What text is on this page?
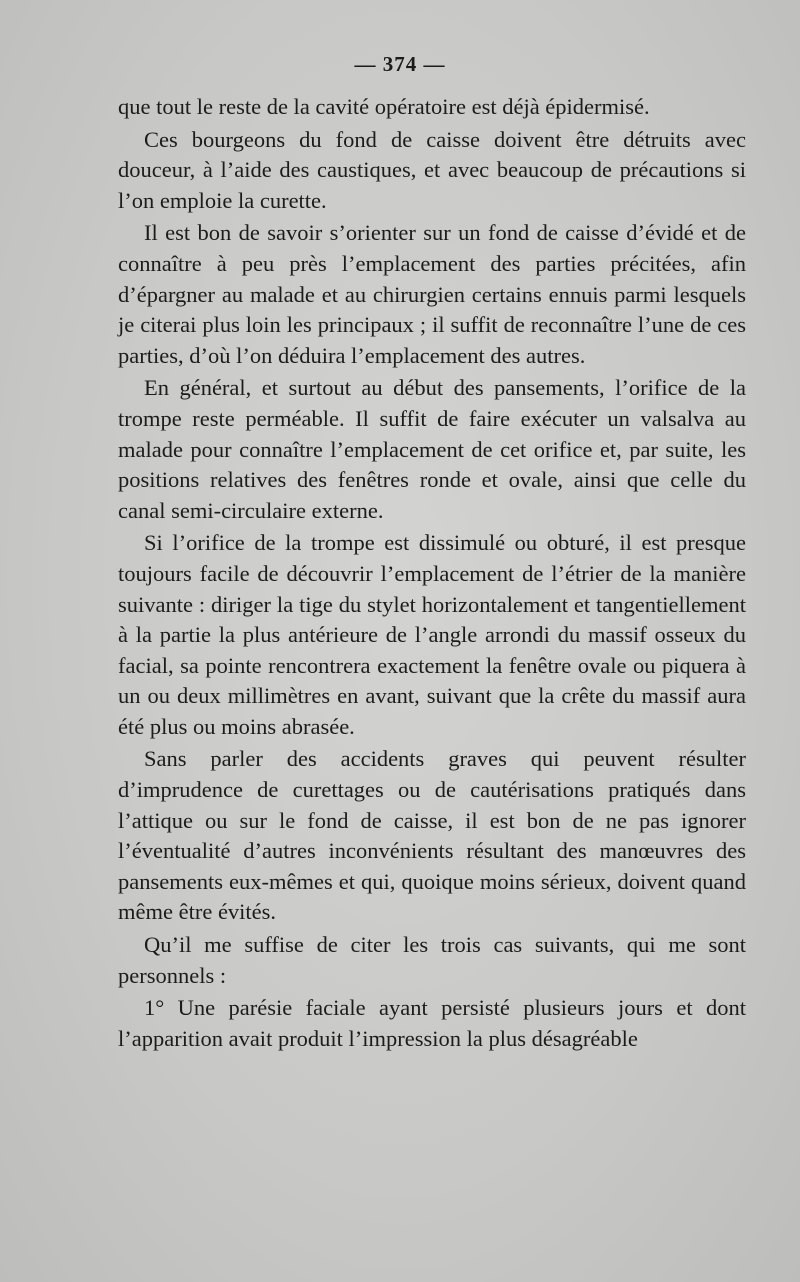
— 374 —

que tout le reste de la cavité opératoire est déjà épidermisé.

Ces bourgeons du fond de caisse doivent être détruits avec douceur, à l’aide des caustiques, et avec beaucoup de précautions si l’on emploie la curette.

Il est bon de savoir s’orienter sur un fond de caisse d’évidé et de connaître à peu près l’emplacement des parties précitées, afin d’épargner au malade et au chirurgien certains ennuis parmi lesquels je citerai plus loin les principaux ; il suffit de reconnaître l’une de ces parties, d’où l’on déduira l’emplacement des autres.

En général, et surtout au début des pansements, l’orifice de la trompe reste perméable. Il suffit de faire exécuter un valsalva au malade pour connaître l’emplacement de cet orifice et, par suite, les positions relatives des fenêtres ronde et ovale, ainsi que celle du canal semi-circulaire externe.

Si l’orifice de la trompe est dissimulé ou obturé, il est presque toujours facile de découvrir l’emplacement de l’étrier de la manière suivante : diriger la tige du stylet horizontalement et tangentiellement à la partie la plus antérieure de l’angle arrondi du massif osseux du facial, sa pointe rencontrera exactement la fenêtre ovale ou piquera à un ou deux millimètres en avant, suivant que la crête du massif aura été plus ou moins abrasée.

Sans parler des accidents graves qui peuvent résulter d’imprudence de curettages ou de cautérisations pratiqués dans l’attique ou sur le fond de caisse, il est bon de ne pas ignorer l’éventualité d’autres inconvénients résultant des manœuvres des pansements eux-mêmes et qui, quoique moins sérieux, doivent quand même être évités.

Qu’il me suffise de citer les trois cas suivants, qui me sont personnels :

1° Une parésie faciale ayant persisté plusieurs jours et dont l’apparition avait produit l’impression la plus désagréable
